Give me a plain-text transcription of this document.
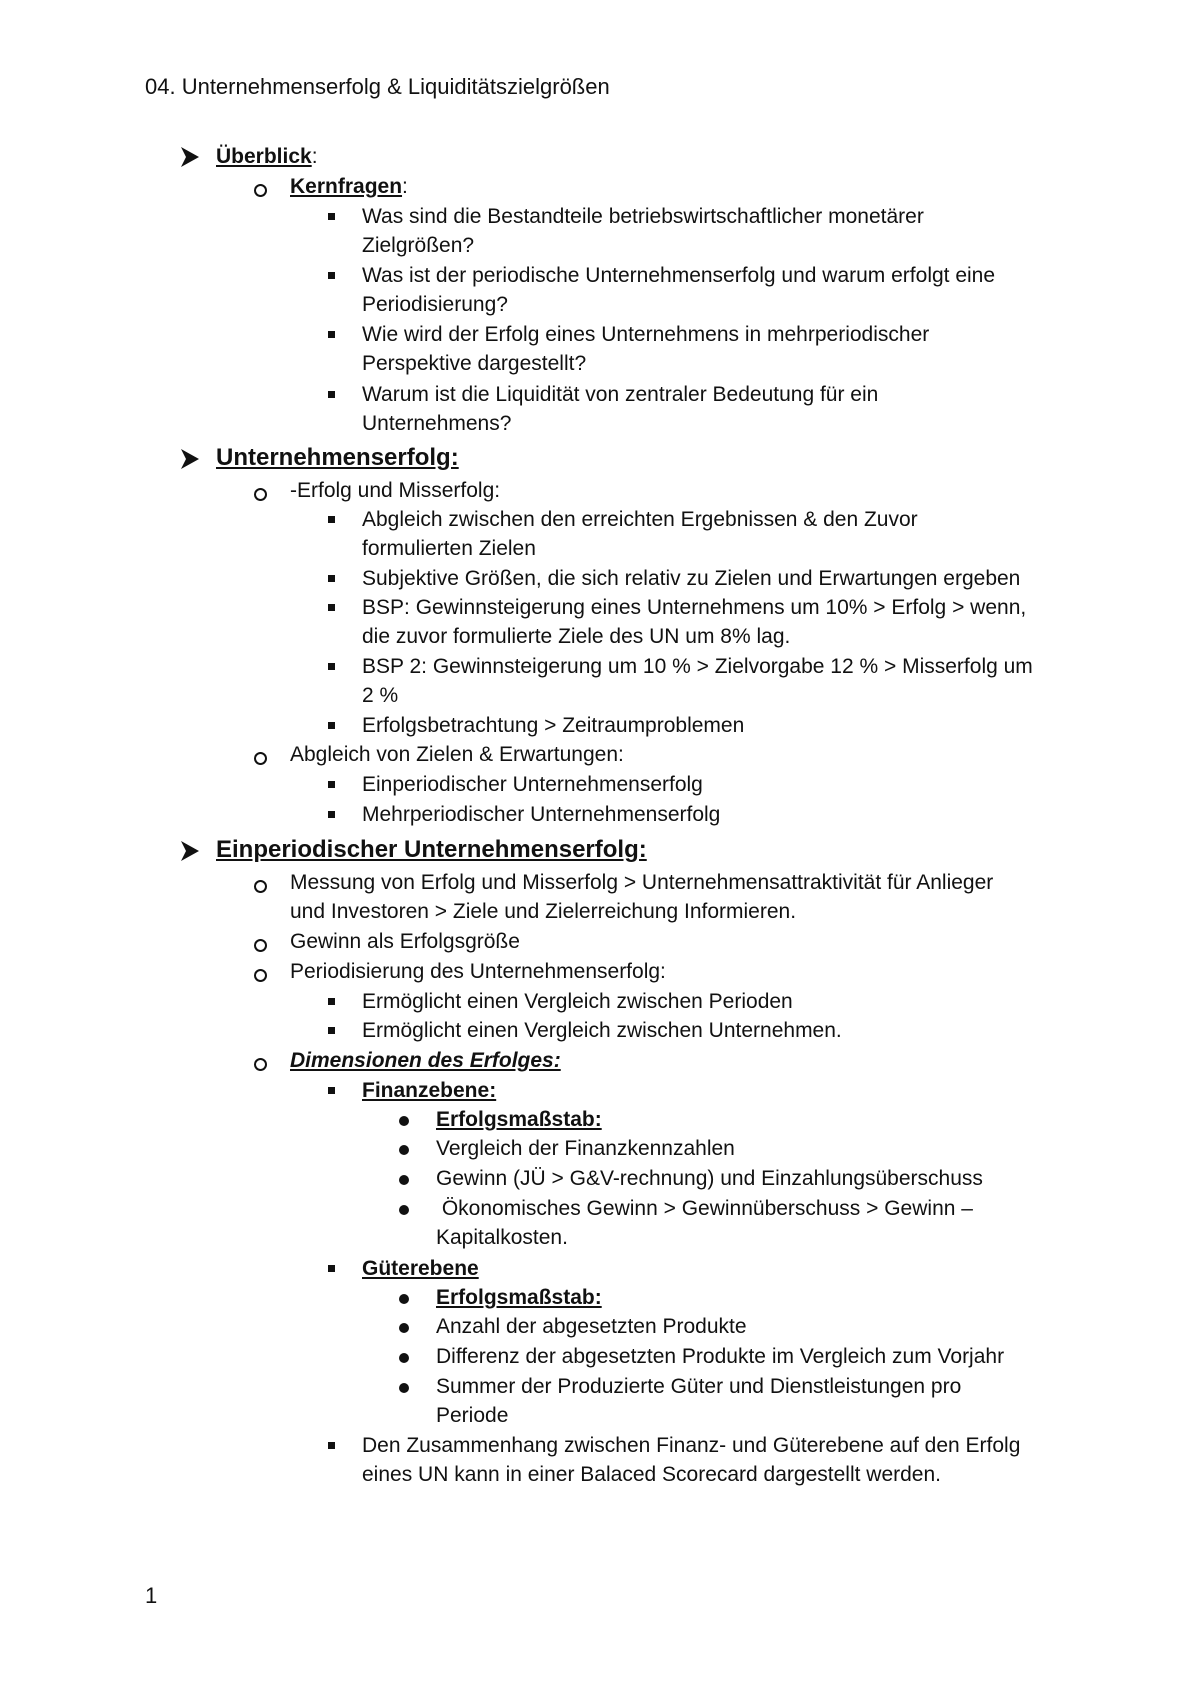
04. Unternehmenserfolg & Liquiditätszielgrößen
Überblick:
Kernfragen:
Was sind die Bestandteile betriebswirtschaftlicher monetärer
Zielgrößen?
Was ist der periodische Unternehmenserfolg und warum erfolgt eine
Periodisierung?
Wie wird der Erfolg eines Unternehmens in mehrperiodischer
Perspektive dargestellt?
Warum ist die Liquidität von zentraler Bedeutung für ein
Unternehmens?
Unternehmenserfolg:
-Erfolg und Misserfolg:
Abgleich zwischen den erreichten Ergebnissen & den Zuvor
formulierten Zielen
Subjektive Größen, die sich relativ zu Zielen und Erwartungen ergeben
BSP: Gewinnsteigerung eines Unternehmens um 10% > Erfolg > wenn,
die zuvor formulierte Ziele des UN um 8% lag.
BSP 2: Gewinnsteigerung um 10 % > Zielvorgabe 12 % > Misserfolg um
2 %
Erfolgsbetrachtung > Zeitraumproblemen
Abgleich von Zielen & Erwartungen:
Einperiodischer Unternehmenserfolg
Mehrperiodischer Unternehmenserfolg
Einperiodischer Unternehmenserfolg:
Messung von Erfolg und Misserfolg > Unternehmensattraktivität für Anlieger
und Investoren > Ziele und Zielerreichung Informieren.
Gewinn als Erfolgsgröße
Periodisierung des Unternehmenserfolg:
Ermöglicht einen Vergleich zwischen Perioden
Ermöglicht einen Vergleich zwischen Unternehmen.
Dimensionen des Erfolges:
Finanzebene:
Erfolgsmaßstab:
Vergleich der Finanzkennzahlen
Gewinn (JÜ > G&V-rechnung) und Einzahlungsüberschuss
Ökonomisches Gewinn > Gewinnüberschuss > Gewinn –
Kapitalkosten.
Güterebene
Erfolgsmaßstab:
Anzahl der abgesetzten Produkte
Differenz der abgesetzten Produkte im Vergleich zum Vorjahr
Summer der Produzierte Güter und Dienstleistungen pro
Periode
Den Zusammenhang zwischen Finanz- und Güterebene auf den Erfolg
eines UN kann in einer Balaced Scorecard dargestellt werden.
1
